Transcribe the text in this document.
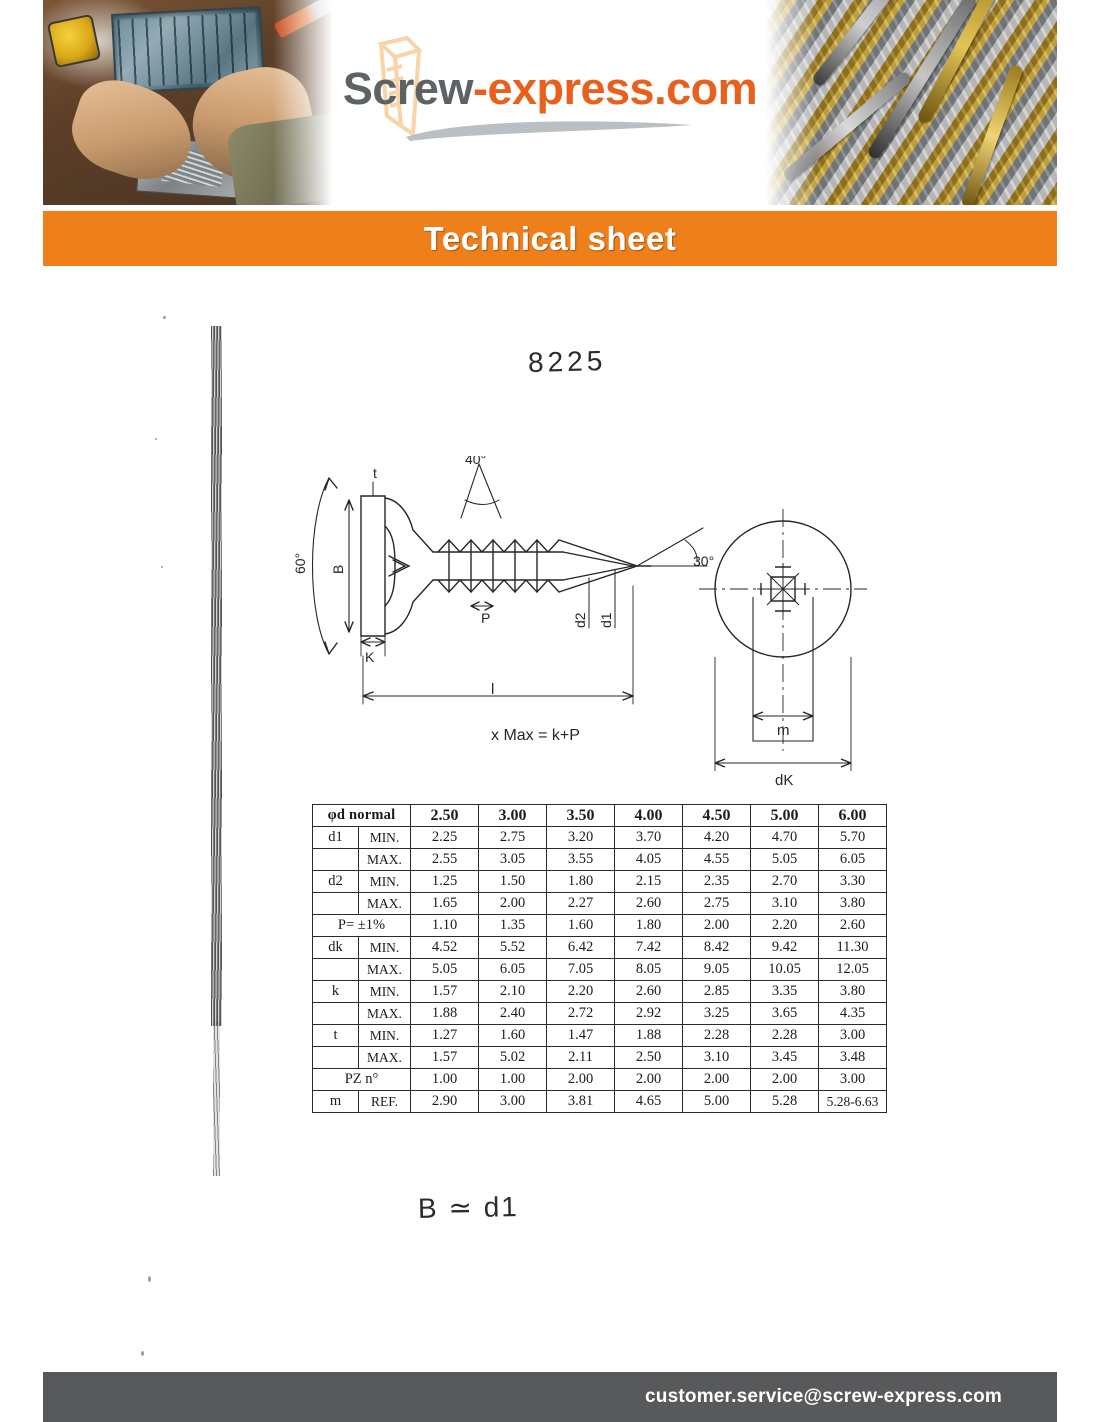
Screw-express.com
Technical sheet
8225
40°
30°
t
P
K
x Max = k+P
l
60° B
d2 d1
m
dK
φd normal		2.50	3.00	3.50	4.00	4.50	5.00	6.00
d1	MIN.	2.25	2.75	3.20	3.70	4.20	4.70	5.70
	MAX.	2.55	3.05	3.55	4.05	4.55	5.05	6.05
d2	MIN.	1.25	1.50	1.80	2.15	2.35	2.70	3.30
	MAX.	1.65	2.00	2.27	2.60	2.75	3.10	3.80
P= ±1%		1.10	1.35	1.60	1.80	2.00	2.20	2.60
dk	MIN.	4.52	5.52	6.42	7.42	8.42	9.42	11.30
	MAX.	5.05	6.05	7.05	8.05	9.05	10.05	12.05
k	MIN.	1.57	2.10	2.20	2.60	2.85	3.35	3.80
	MAX.	1.88	2.40	2.72	2.92	3.25	3.65	4.35
t	MIN.	1.27	1.60	1.47	1.88	2.28	2.28	3.00
	MAX.	1.57	5.02	2.11	2.50	3.10	3.45	3.48
PZ n°		1.00	1.00	2.00	2.00	2.00	2.00	3.00
m	REF.	2.90	3.00	3.81	4.65	5.00	5.28	5.28-6.63

B ≃ d1
customer.service@screw-express.com
